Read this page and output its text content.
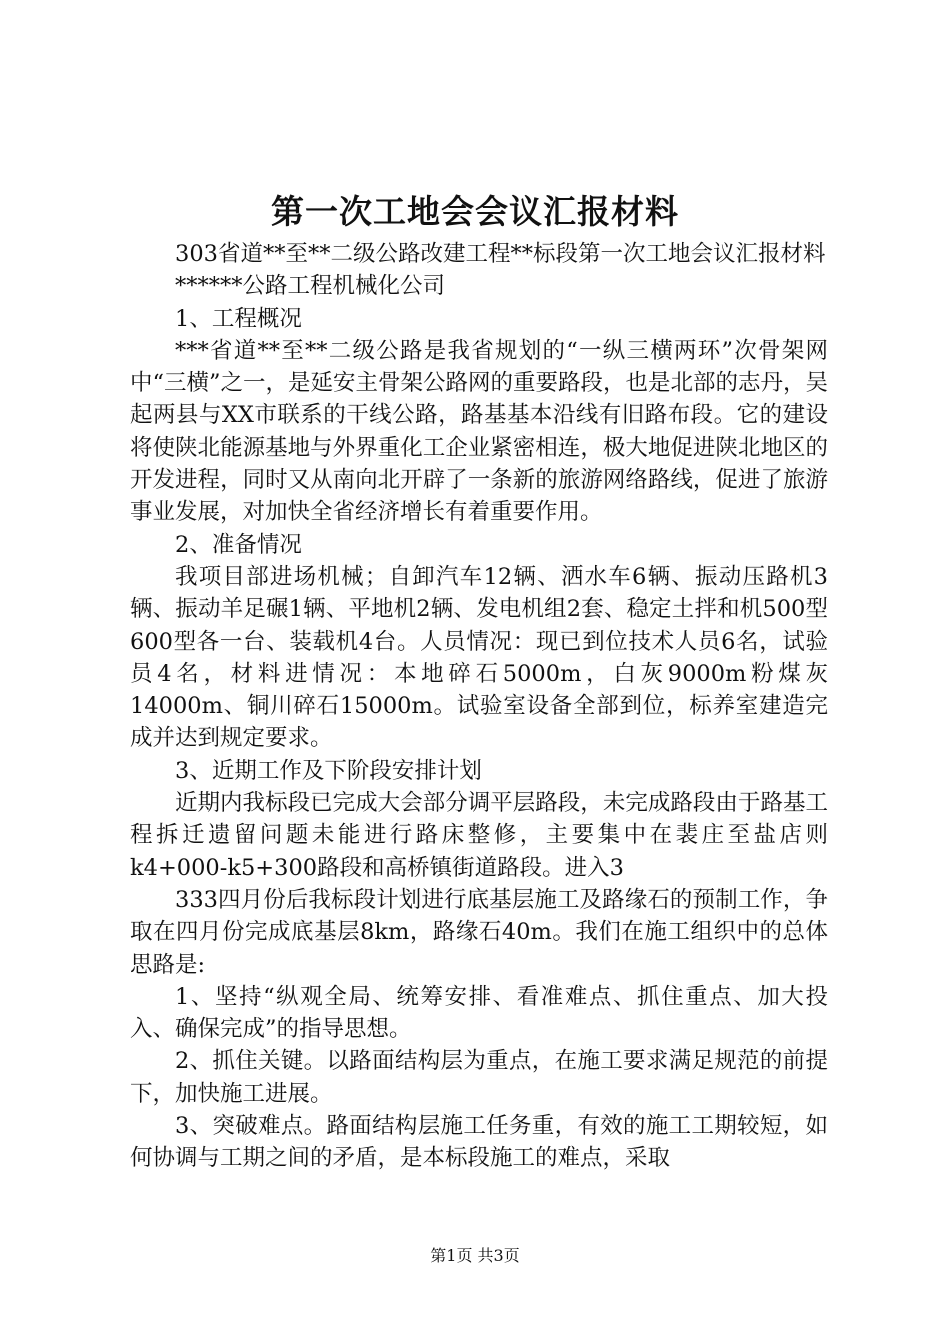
第一次工地会会议汇报材料

303省道**至**二级公路改建工程**标段第一次工地会议汇报材料

******公路工程机械化公司

1、工程概况

***省道**至**二级公路是我省规划的“一纵三横两环”次骨架网中“三横”之一，是延安主骨架公路网的重要路段，也是北部的志丹，吴起两县与XX市联系的干线公路，路基基本沿线有旧路布段。它的建设将使陕北能源基地与外界重化工企业紧密相连，极大地促进陕北地区的开发进程，同时又从南向北开辟了一条新的旅游网络路线，促进了旅游事业发展，对加快全省经济增长有着重要作用。

2、准备情况

我项目部进场机械；自卸汽车12辆、洒水车6辆、振动压路机3辆、振动羊足碾1辆、平地机2辆、发电机组2套、稳定土拌和机500型600型各一台、装载机4台。人员情况：现已到位技术人员6名，试验员4名，材料进情况：本地碎石5000m，白灰9000m粉煤灰14000m、铜川碎石15000m。试验室设备全部到位，标养室建造完成并达到规定要求。

3、近期工作及下阶段安排计划

近期内我标段已完成大会部分调平层路段，未完成路段由于路基工程拆迁遗留问题未能进行路床整修，主要集中在裴庄至盐店则k4+000-k5+300路段和高桥镇街道路段。进入3

333四月份后我标段计划进行底基层施工及路缘石的预制工作，争取在四月份完成底基层8km，路缘石40m。我们在施工组织中的总体思路是:

1、坚持“纵观全局、统筹安排、看准难点、抓住重点、加大投入、确保完成”的指导思想。

2、抓住关键。以路面结构层为重点，在施工要求满足规范的前提下，加快施工进展。

3、突破难点。路面结构层施工任务重，有效的施工工期较短，如何协调与工期之间的矛盾，是本标段施工的难点，采取

第1页 共3页
